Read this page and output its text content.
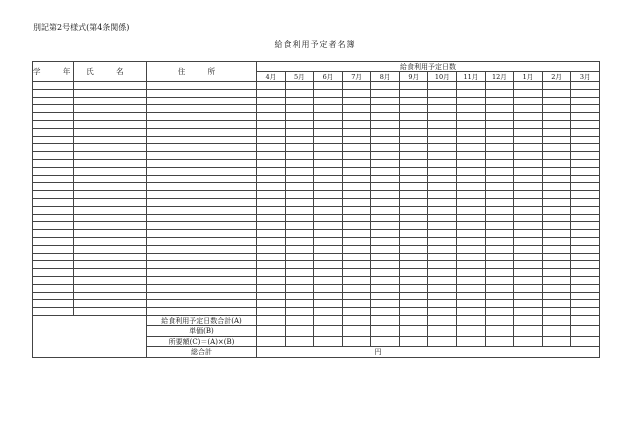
別記第2号様式(第4条関係)
給食利用予定者名簿
学 年	氏 名	住 所	給食利用予定日数											
			4月	5月	6月	7月	8月	9月	10月	11月	12月	1月	2月	3月

		給食利用予定日数合計(A)												
		単価(B)												
		所要額(C)＝(A)×(B)												
		総合計	円											
